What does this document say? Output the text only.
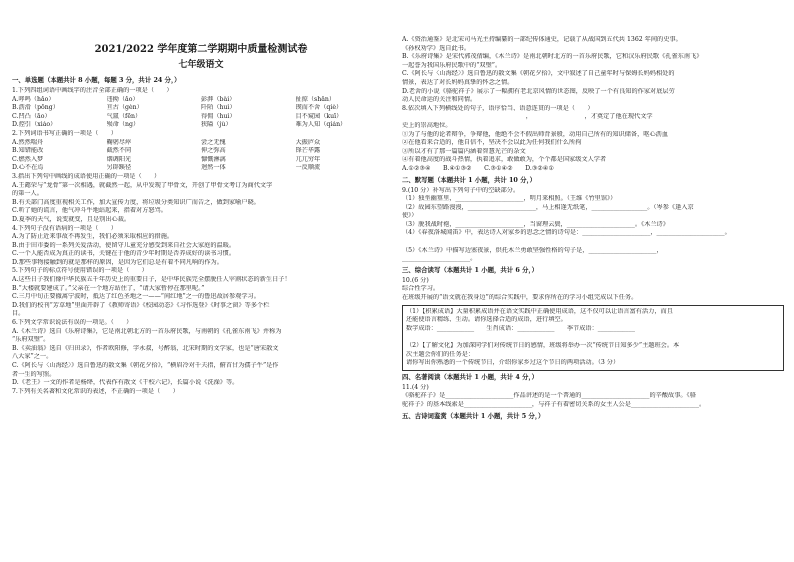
2021/2022 学年度第二学期期中质量检测试卷
七年级语文

一、单选题（本题共计 8 小题，每题 3 分，共计 24 分，）

1.下列四组词语中画线字的注音全部正确的一项是（　　）

A.哮鸣（hǎo）	违拗（ǎo）	彭湃（bài）	扯掠（shǎn）
B.沥滑（pōng）	亘古（gèn）	阡陌（huì）	锲而不舍（qiè）
C.凹凸（āo）	气氲（fēn）	得佣（huì）	目不窥园（kuī）
D.控引（xiáo）	殒命（ng）	狭隘（jù）	难为人知（qián）

2.下列词语书写正确的一项是（　　）

A.然然喘舟	鞠躬尽瘁	尝之无愧	大振庐众
B.知错能改	截然不同	伸之弥高	锋芒毕露
C.燃然入梦	烟调阳光	慷慨淋漓	兀兀穷年
D.心不在焉	另辟蹊径	迥然一体	一反顺流

3.指出下列句中画线的成语使用正确的一项是（　　）

A.王懿荣与“龙骨”第一次相遇，就截然一起，从中发现了甲骨文，开创了甲骨文考订为商代文字

的第一人。

B.有关部门高度重视相关工作，加大宣传力度，将垃圾分类知识广而告之，做到家喻户晓。

C.听了她的谎言，他气冲斗牛地站起来，指着对方怒骂。

D.夏季的天气，说变就变，且是别出心裁。

4.下列句子没有语病的一项是（　　）

A.为了防止近来事故不再发生，我们必须采取相应的措施。

B.由于田市委的一系列关爱活动，使留守儿童充分感受到来自社会大家庭的温暖。

C.一个人能否成为真正的读书，关键在于他的青少年时期是否养成好的读书习惯。

D.那些事物接触到的就是那样的原因，是因为它们总是有着不同凡响的作为。

5.下列句子的标点符号使用错误的一项是（　　）

A.这些日子我们像中华民族五千年历史上的重要日子，是中华民族完全摆脱任人宰割状态的新生日子！

B.“大楼就要建成了。”父亲在一个地方站住了，“请大家暂停在那里呢。”

C.三月中旬正要撤离宁波时，抵达了红色圣地之一——“间红地”之一的鲁迅故居参观学习。

D.我们的校刊“芳草地”里面开辟了《教师寄语》《校园动态》《习作选登》《时事之窗》等多个栏

目。

6.下列文学常识说法有误的一项是。（　　）

A.《木兰诗》选自《乐府诗集》，它是南北朝北方的一首乐府民歌，与南朝的《孔雀东南飞》并称为

“乐府双璧”。

B.《卖油翁》选自《归田录》，作者欧阳修，字永叔，号醉翁，北宋时期的文学家，也是“唐宋散文

八大家”之一。

C.《阿长与〈山海经〉》选自鲁迅的散文集《朝花夕拾》，“横眉冷对千夫指，俯首甘为孺子牛”是作

者一生的写照。

D.《老王》一文的作者是杨绛，代表作有散文《干校六记》，长篇小说《洗澡》等。

7.下列有关名著和文化常识的表述，不正确的一项是（　　）

A.《资治通鉴》是北宋司马光主持编纂的一部纪传体通史，记载了从战国到五代共 1362 年间的史事。

《孙权劝学》选自此书。

B.《乐府诗集》是宋代郭茂倩编，《木兰诗》是南北朝时北方的一首乐府民歌，它和汉乐府民歌《孔雀东南飞》

一起誉为我国乐府民歌中的“双璧”。

C.《阿长与〈山海经〉》选自鲁迅的散文集《朝花夕拾》，文中叙述了自己童年时与保姆长妈妈相处的

情景，表达了对长妈妈真挚的怀念之情。

D.老舍的小说《骆驼祥子》展示了一幅拥有老北京风情的世态图，反映了一个有良知的作家对底层劳

动人民命运的关注和同情。

8.依次填入下列横线处的句子，语序恰当、语意连贯的一项是（　　）

　　　　　　　　　　　　　　　　　　　　，　　　　　　　　　，才奠定了他在现代文学

史上的崇高地位。

①为了与他的论者辩争，争辩他，他绝不会不假出师背景般，动用自己所有的知识储备，呕心沥血

②在他看来合适的，他自信不，坚决不会以此为任何我们什么所拘

③所以才有了那一篇篇内涵着智慧光芒的杂文

④有着他高度的战斗热情，执着追求，敢做敢为，个个都是国家级文人学者

A.①②③④　　B.④①③②　　C.③①④②　　D.③②④①

二、默写题（本题共计 1 小题，共计 10 分，）

9.(10 分）补写出下列句子中的空缺部分。

（1）独坐幽篁里，______________________，明月来相照。（王维《竹里馆》）

（2）故园东望路漫漫，______________________，马上相逢无纸笔，__________________。（岑参《逢入京

使》）

（3）脱我战时袍，______________________，当窗理云鬓，______________________。《木兰诗》

（4）《春夜洛城闻笛》中，表达诗人对家乡的思念之情的诗句是：______________________，______________________。

（5）《木兰诗》中描写边塞夜景，烘托木兰勇敢坚强性格的句子是，______________________，

______________________。

三、综合读写（本题共计 1 小题，共计 6 分，）

10.(6 分)

综合性学习。

在班级开展的“语文就在我身边”的综合实践中，要求你所在的学习小组完成以下任务。

（1）【积累成语】大量积累成语并在语文实践中正确使用成语，这不仅可以让语言富有活力，而且

还能使语言精练、生动。请你选择合适的成语，进行填空。

数字成语：____________　　生肖成语：____________　　季节成语：____________

（2）【了解文化】为加深同学们对传统节日的感情，班级将举办一次“传统节日知多少”主题班会。本

次主题会你们的任务是：

请你写出你熟悉的一个传统节日，介绍你家乡过这个节日的两项活动。（3 分）

四、名著阅读（本题共计 1 小题，共计 4 分，）

11.(4 分)

《骆驼祥子》是______________________作品讲述的是一个普通的______________________的辛酸故事。《骆

驼祥子》的基本线索是______________________，与祥子有着密切关系的女主人公是______________________。

五、古诗词鉴赏（本题共计 1 小题，共计 5 分，）
